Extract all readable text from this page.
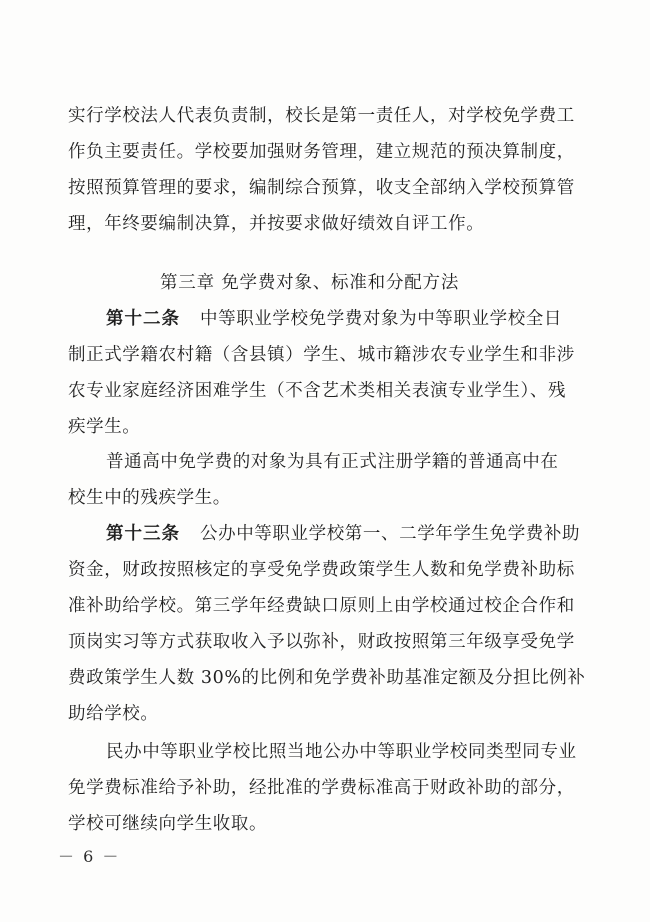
实行学校法人代表负责制，校长是第一责任人，对学校免学费工
作负主要责任。学校要加强财务管理，建立规范的预决算制度，
按照预算管理的要求，编制综合预算，收支全部纳入学校预算管
理，年终要编制决算，并按要求做好绩效自评工作。
第三章 免学费对象、标准和分配方法
第十二条 中等职业学校免学费对象为中等职业学校全日
制正式学籍农村籍（含县镇）学生、城市籍涉农专业学生和非涉
农专业家庭经济困难学生（不含艺术类相关表演专业学生）、残
疾学生。
普通高中免学费的对象为具有正式注册学籍的普通高中在
校生中的残疾学生。
第十三条 公办中等职业学校第一、二学年学生免学费补助
资金，财政按照核定的享受免学费政策学生人数和免学费补助标
准补助给学校。第三学年经费缺口原则上由学校通过校企合作和
顶岗实习等方式获取收入予以弥补，财政按照第三年级享受免学
费政策学生人数 30%的比例和免学费补助基准定额及分担比例补
助给学校。
民办中等职业学校比照当地公办中等职业学校同类型同专业
免学费标准给予补助，经批准的学费标准高于财政补助的部分，
学校可继续向学生收取。
－ 6 －
